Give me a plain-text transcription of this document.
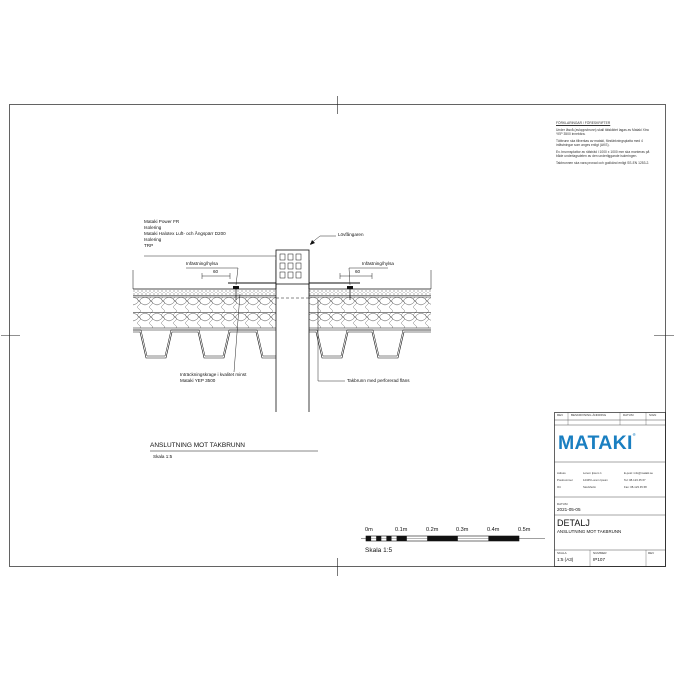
FÖRKLARINGAR / FÖRESKRIFTER

Under läsvå (avloppsbrunn) skall tätskiktet lagas av Mataki Xtra YEP 3500 innebära.

Tätbrunn ska tillverkas av mataki, förstärkningsplatta med 4 infästningar som anges enligt (AKS).

Ev. brunnsplattor av rälsträd i 1000 x 1000 mm ska monteras på både underlagsdelen av den underliggande isoleringen.

Takbrunnen ska vara provad och godkänd enligt SS-EN 1253-2.

Mataki Power FR
Isolering
Mataki Halotex Luft- och Ångspärr D200
Isolering
TRP
Lövfångaren
Infästning/hylsa	Infästning/hylsa
60	60
Inträckningskrage i kvalitet minst
Mataki YEP 3500	Takbrunn med perforerad fläns
ANSLUTNING MOT TAKBRUNN
Skala 1:5
0m	0.1m	0.2m	0.3m	0.4m	0.5m
Skala 1:5
REV	BESKRIVNING ÄNDRING	DATUM	SIGN
MATAKI®
Adress	Lorem Ipsum 1	E-post: info@mataki.se
Postnummer	12345 Lorem Ipsum	Tel: 08-123 45 67
Ort	Stockholm	Fax: 08-123 45 68
DATUM
2021-05-05
DETALJ
ANSLUTNING MOT TAKBRUNN
SKALA
1:5 (A3)
NUMMER
IP107
REV
